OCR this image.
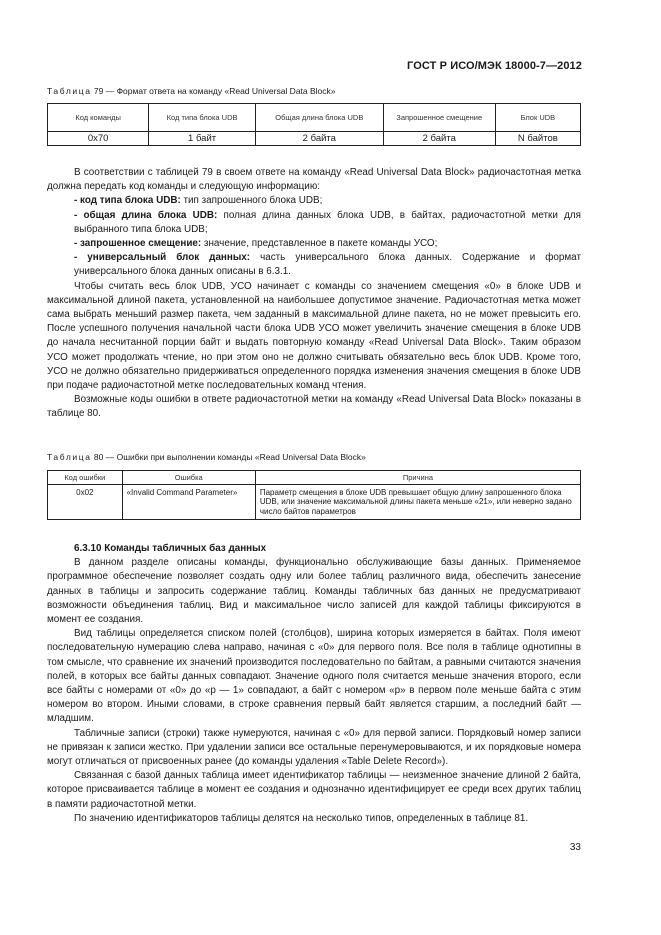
ГОСТ Р ИСО/МЭК 18000-7—2012
Таблица 79 — Формат ответа на команду «Read Universal Data Block»
Код команды	Код типа блока UDB	Общая длина блока UDB	Запрошенное смещение	Блок UDB
0x70	1 байт	2 байта	2 байта	N байтов

В соответствии с таблицей 79 в своем ответе на команду «Read Universal Data Block» радиочастотная метка должна передать код команды и следующую информацию:

- код типа блока UDB: тип запрошенного блока UDB;

- общая длина блока UDB: полная длина данных блока UDB, в байтах, радиочастотной метки для выбранного типа блока UDB;

- запрошенное смещение: значение, представленное в пакете команды УСО;

- универсальный блок данных: часть универсального блока данных. Содержание и формат универсального блока данных описаны в 6.3.1.

Чтобы считать весь блок UDB, УСО начинает с команды со значением смещения «0» в блоке UDB и максимальной длиной пакета, установленной на наибольшее допустимое значение. Радиочастотная метка может сама выбрать меньший размер пакета, чем заданный в максимальной длине пакета, но не может превысить его. После успешного получения начальной части блока UDB УСО может увеличить значение смещения в блоке UDB до начала несчитанной порции байт и выдать повторную команду «Read Universal Data Block». Таким образом УСО может продолжать чтение, но при этом оно не должно считывать обязательно весь блок UDB. Кроме того, УСО не должно обязательно придерживаться определенного порядка изменения значения смещения в блоке UDB при подаче радиочастотной метке последовательных команд чтения.

Возможные коды ошибки в ответе радиочастотной метки на команду «Read Universal Data Block» показаны в таблице 80.

Таблица 80 — Ошибки при выполнении команды «Read Universal Data Block»
Код ошибки	Ошибка	Причина
0x02	«Invalid Command Parameter»	Параметр смещения в блоке UDB превышает общую длину запрошенного блока UDB, или значение максимальной длины пакета меньше «21», или неверно задано число байтов параметров

6.3.10 Команды табличных баз данных

В данном разделе описаны команды, функционально обслуживающие базы данных. Применяемое программное обеспечение позволяет создать одну или более таблиц различного вида, обеспечить занесение данных в таблицы и запросить содержание таблиц. Команды табличных баз данных не предусматривают возможности объединения таблиц. Вид и максимальное число записей для каждой таблицы фиксируются в момент ее создания.

Вид таблицы определяется списком полей (столбцов), ширина которых измеряется в байтах. Поля имеют последовательную нумерацию слева направо, начиная с «0» для первого поля. Все поля в таблице однотипны в том смысле, что сравнение их значений производится последовательно по байтам, а равными считаются значения полей, в которых все байты данных совпадают. Значение одного поля считается меньше значения второго, если все байты с номерами от «0» до «p — 1» совпадают, а байт с номером «p» в первом поле меньше байта с этим номером во втором. Иными словами, в строке сравнения первый байт является старшим, а последний байт — младшим.

Табличные записи (строки) также нумеруются, начиная с «0» для первой записи. Порядковый номер записи не привязан к записи жестко. При удалении записи все остальные перенумеровываются, и их порядковые номера могут отличаться от присвоенных ранее (до команды удаления «Table Delete Record»).

Связанная с базой данных таблица имеет идентификатор таблицы — неизменное значение длиной 2 байта, которое присваивается таблице в момент ее создания и однозначно идентифицирует ее среди всех других таблиц в памяти радиочастотной метки.

По значению идентификаторов таблицы делятся на несколько типов, определенных в таблице 81.

33
